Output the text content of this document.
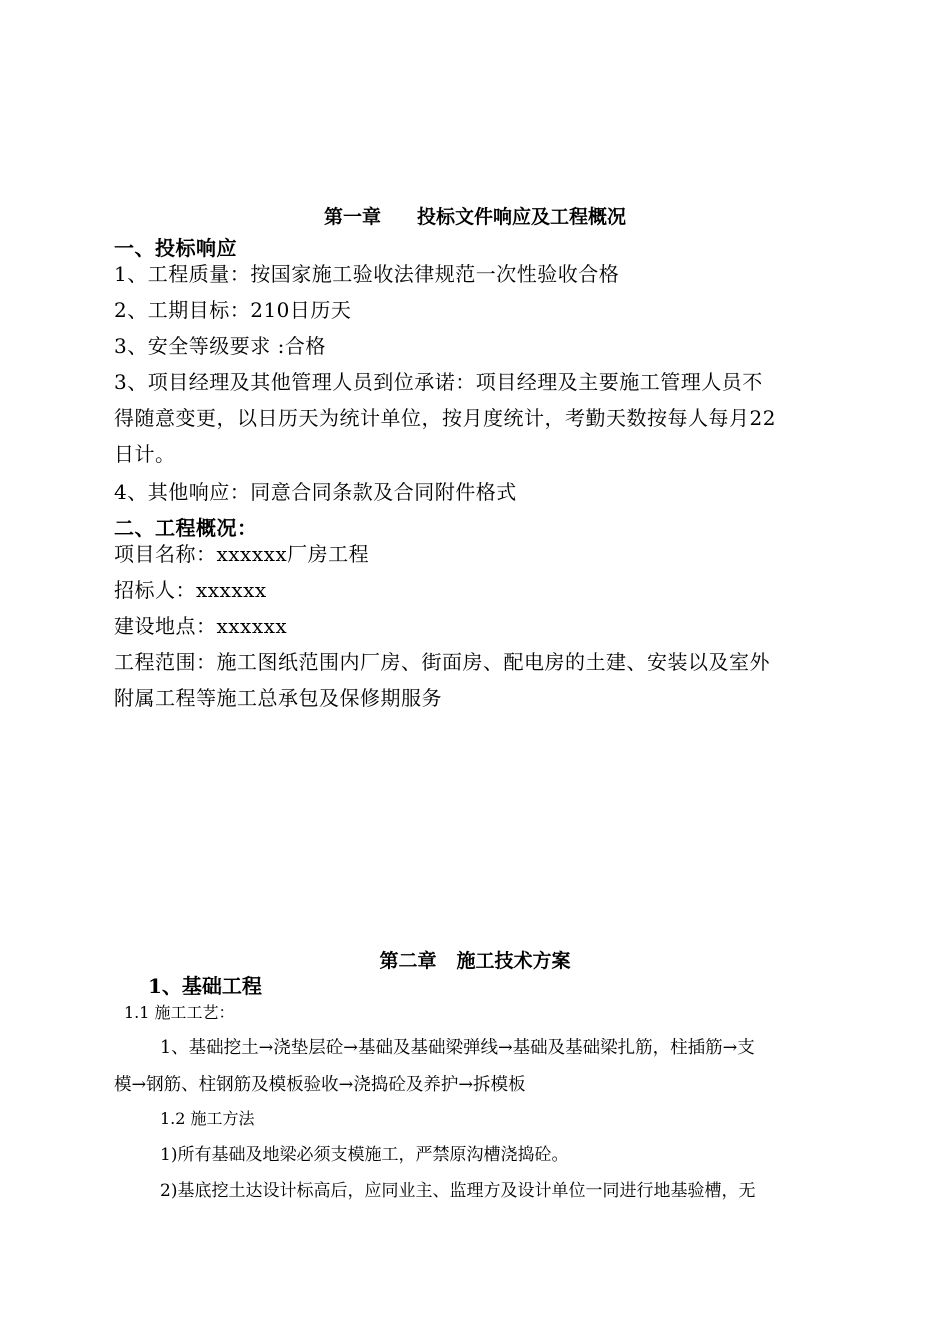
第一章 投标文件响应及工程概况
一、投标响应
1、工程质量：按国家施工验收法律规范一次性验收合格
2、工期目标：210日历天
3、安全等级要求 :合格
3、项目经理及其他管理人员到位承诺：项目经理及主要施工管理人员不
得随意变更，以日历天为统计单位，按月度统计，考勤天数按每人每月22
日计。
4、其他响应：同意合同条款及合同附件格式
二、工程概况：
项目名称：xxxxxx厂房工程
招标人：xxxxxx
建设地点：xxxxxx
工程范围：施工图纸范围内厂房、街面房、配电房的土建、安装以及室外
附属工程等施工总承包及保修期服务
第二章 施工技术方案
1、基础工程
1.1 施工工艺：
1、基础挖土→浇垫层砼→基础及基础梁弹线→基础及基础梁扎筋，柱插筋→支
模→钢筋、柱钢筋及模板验收→浇捣砼及养护→拆模板
1.2 施工方法
1)所有基础及地梁必须支模施工，严禁原沟槽浇捣砼。
2)基底挖土达设计标高后，应同业主、监理方及设计单位一同进行地基验槽，无
